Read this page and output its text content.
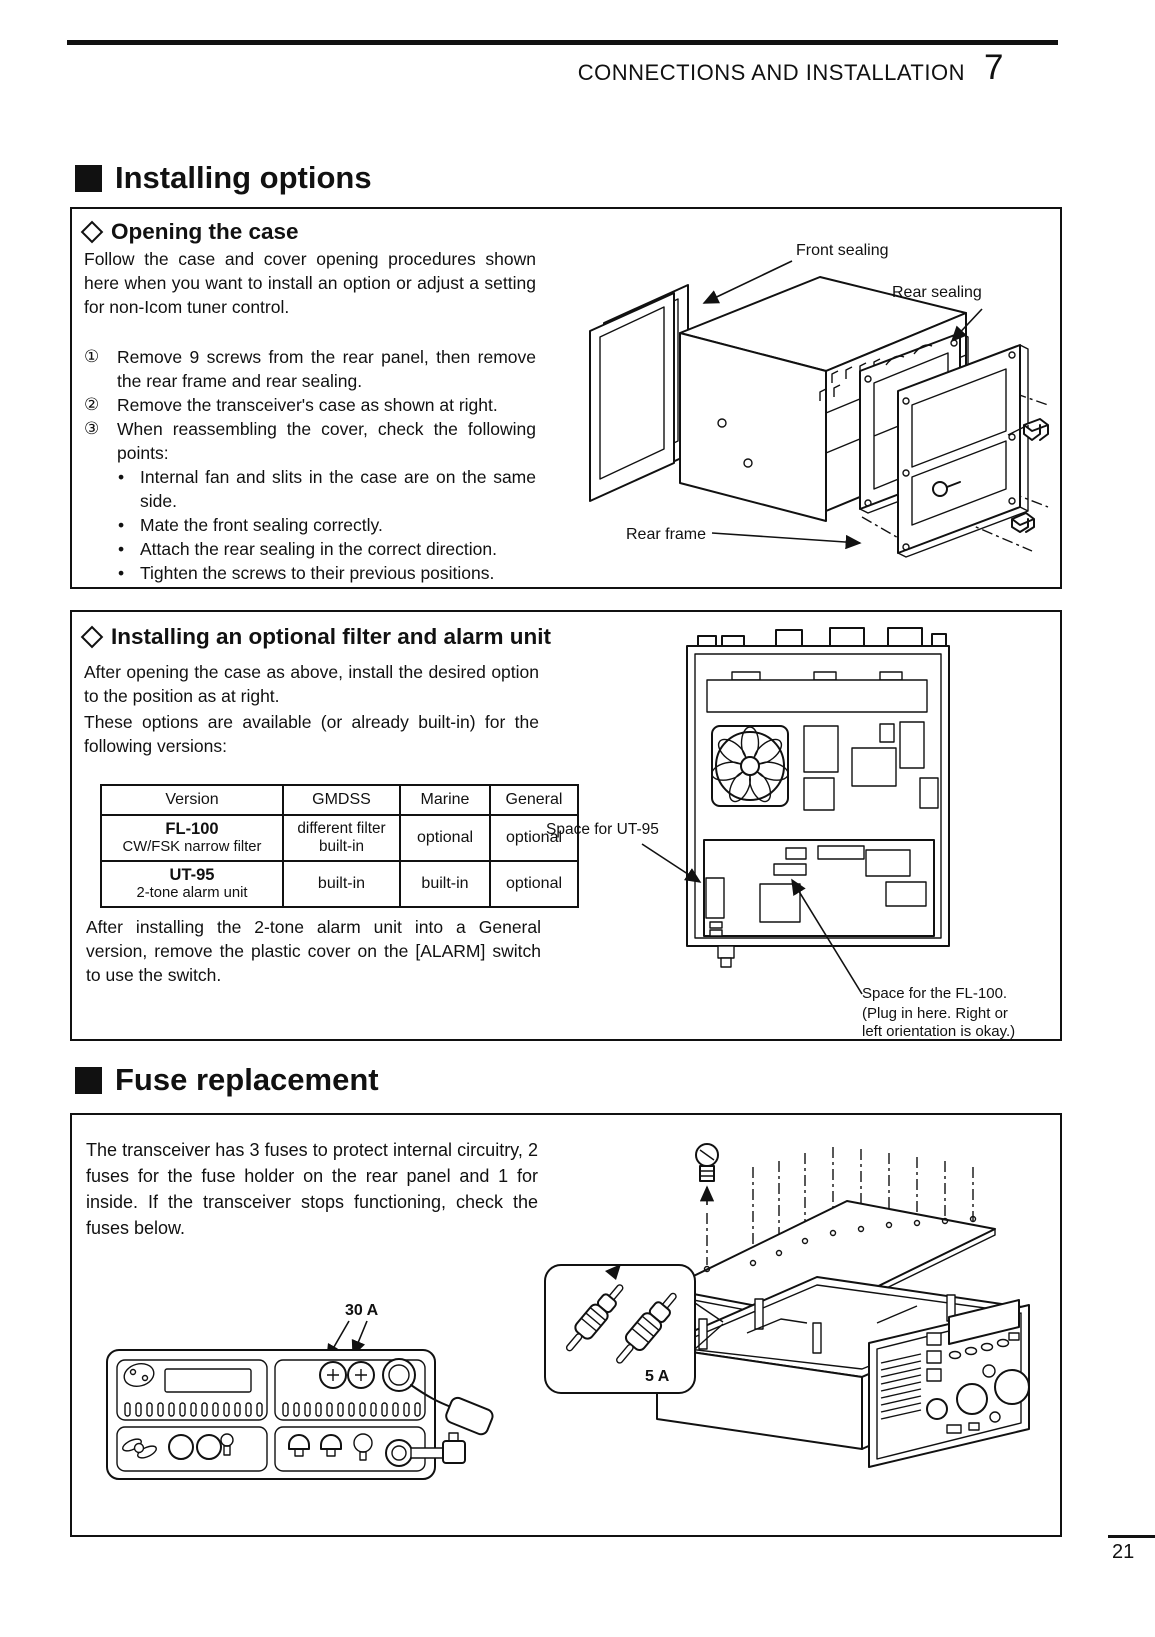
CONNECTIONS AND INSTALLATION 7
Installing options
Opening the case
Follow the case and cover opening procedures shown here when you want to install an option or adjust a setting for non-Icom tuner control.
①	Remove 9 screws from the rear panel, then remove the rear frame and rear sealing.
②	Remove the transceiver's case as shown at right.
③	When reassembling the cover, check the following points:
• Internal fan and slits in the case are on the same side.
• Mate the front sealing correctly.
• Attach the rear sealing in the correct direction.
• Tighten the screws to their previous positions.
Front sealing
Rear sealing
Rear frame
Installing an optional filter and alarm unit
After opening the case as above, install the desired option to the position as at right.
These options are available (or already built-in) for the following versions:
Version	GMDSS	Marine	General

FL-100
CW/FSK narrow filter	different filter built-in	optional	optional

UT-95
2-tone alarm unit	built-in	built-in	optional
After installing the 2-tone alarm unit into a General version, remove the plastic cover on the [ALARM] switch to use the switch.
Space for UT-95
Space for the FL-100.
(Plug in here. Right or
left orientation is okay.)
Fuse replacement
The transceiver has 3 fuses to protect internal circuitry, 2 fuses for the fuse holder on the rear panel and 1 for inside. If the transceiver stops functioning, check the fuses below.
30 A
5 A
21
